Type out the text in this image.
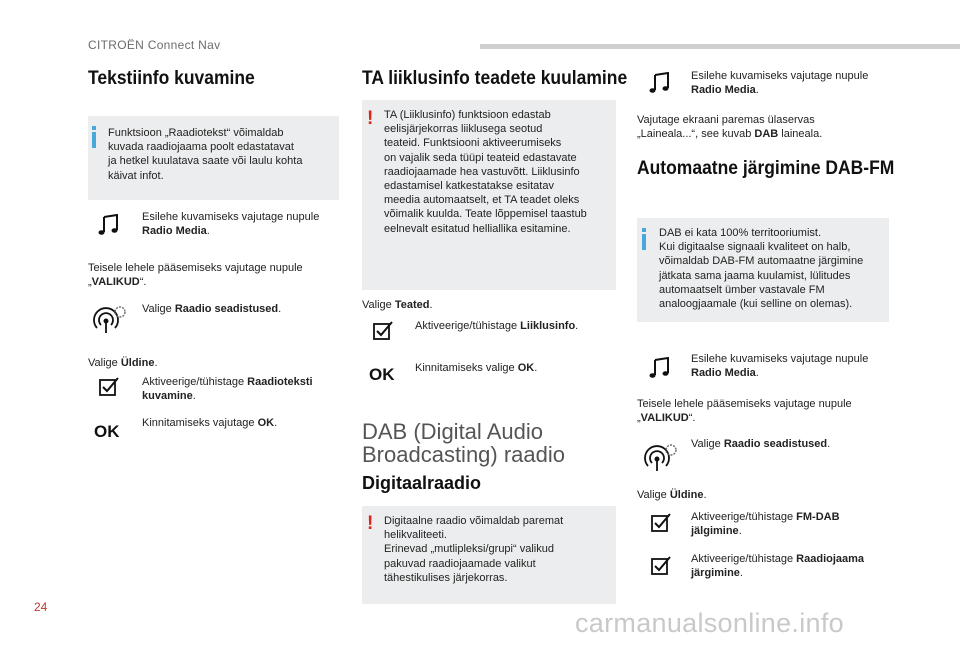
CITROËN Connect Nav
Tekstiinfo kuvamine
Funktsioon „Raadiotekst“ võimaldab
kuvada raadiojaama poolt edastatavat
ja hetkel kuulatava saate või laulu kohta
käivat infot.
Esilehe kuvamiseks vajutage nupule
Radio Media.
Teisele lehele pääsemiseks vajutage nupule
„VALIKUD“.
Valige Raadio seadistused.
Valige Üldine.
Aktiveerige/tühistage Raadioteksti
kuvamine.
OK Kinnitamiseks vajutage OK.
TA liiklusinfo teadete kuulamine
! TA (Liiklusinfo) funktsioon edastab
eelisjärjekorras liiklusega seotud
teateid. Funktsiooni aktiveerumiseks
on vajalik seda tüüpi teateid edastavate
raadiojaamade hea vastuvõtt. Liiklusinfo
edastamisel katkestatakse esitatav
meedia automaatselt, et TA teadet oleks
võimalik kuulda. Teate lõppemisel taastub
eelnevalt esitatud helliallika esitamine.
Valige Teated.
Aktiveerige/tühistage Liiklusinfo.
OK Kinnitamiseks valige OK.
DAB (Digital Audio
Broadcasting) raadio
Digitaalraadio
! Digitaalne raadio võimaldab paremat
helikvaliteeti.
Erinevad „mutlipleksi/grupi“ valikud
pakuvad raadiojaamade valikut
tähestikulises järjekorras.
Esilehe kuvamiseks vajutage nupule
Radio Media.
Vajutage ekraani paremas ülaservas
„Laineala...“, see kuvab DAB laineala.
Automaatne järgimine DAB-FM
DAB ei kata 100% territooriumist.
Kui digitaalse signaali kvaliteet on halb,
võimaldab DAB-FM automaatne järgimine
jätkata sama jaama kuulamist, lülitudes
automaatselt ümber vastavale FM
analoogjaamale (kui selline on olemas).
Esilehe kuvamiseks vajutage nupule
Radio Media.
Teisele lehele pääsemiseks vajutage nupule
„VALIKUD“.
Valige Raadio seadistused.
Valige Üldine.
Aktiveerige/tühistage FM-DAB
jälgimine.
Aktiveerige/tühistage Raadiojaama
järgimine.
24
carmanualsonline.info
